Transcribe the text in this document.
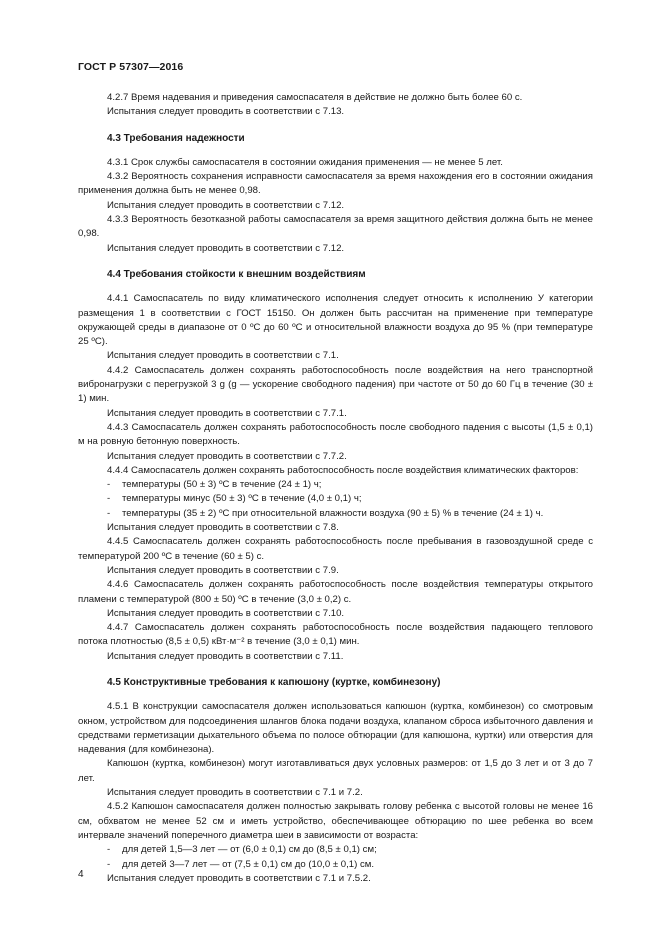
ГОСТ Р 57307—2016
4.2.7 Время надевания и приведения самоспасателя в действие не должно быть более 60 с.
Испытания следует проводить в соответствии с 7.13.
4.3 Требования надежности
4.3.1 Срок службы самоспасателя в состоянии ожидания применения — не менее 5 лет.
4.3.2 Вероятность сохранения исправности самоспасателя за время нахождения его в состоянии ожидания применения должна быть не менее 0,98.
Испытания следует проводить в соответствии с 7.12.
4.3.3 Вероятность безотказной работы самоспасателя за время защитного действия должна быть не менее 0,98.
Испытания следует проводить в соответствии с 7.12.
4.4 Требования стойкости к внешним воздействиям
4.4.1 Самоспасатель по виду климатического исполнения следует относить к исполнению У категории размещения 1 в соответствии с ГОСТ 15150. Он должен быть рассчитан на применение при температуре окружающей среды в диапазоне от 0 ºС до 60 ºС и относительной влажности воздуха до 95 % (при температуре 25 ºС).
Испытания следует проводить в соответствии с 7.1.
4.4.2 Самоспасатель должен сохранять работоспособность после воздействия на него транспортной вибронагрузки с перегрузкой 3 g (g — ускорение свободного падения) при частоте от 50 до 60 Гц в течение (30 ± 1) мин.
Испытания следует проводить в соответствии с 7.7.1.
4.4.3 Самоспасатель должен сохранять работоспособность после свободного падения с высоты (1,5 ± 0,1) м на ровную бетонную поверхность.
Испытания следует проводить в соответствии с 7.7.2.
4.4.4 Самоспасатель должен сохранять работоспособность после воздействия климатических факторов:
- температуры (50 ± 3) ºС в течение (24 ± 1) ч;
- температуры минус (50 ± 3) ºС в течение (4,0 ± 0,1) ч;
- температуры (35 ± 2) ºС при относительной влажности воздуха (90 ± 5) % в течение (24 ± 1) ч.
Испытания следует проводить в соответствии с 7.8.
4.4.5 Самоспасатель должен сохранять работоспособность после пребывания в газовоздушной среде с температурой 200 ºС в течение (60 ± 5) с.
Испытания следует проводить в соответствии с 7.9.
4.4.6 Самоспасатель должен сохранять работоспособность после воздействия температуры открытого пламени с температурой (800 ± 50) ºС в течение (3,0 ± 0,2) с.
Испытания следует проводить в соответствии с 7.10.
4.4.7 Самоспасатель должен сохранять работоспособность после воздействия падающего теплового потока плотностью (8,5 ± 0,5) кВт·м⁻² в течение (3,0 ± 0,1) мин.
Испытания следует проводить в соответствии с 7.11.
4.5 Конструктивные требования к капюшону (куртке, комбинезону)
4.5.1 В конструкции самоспасателя должен использоваться капюшон (куртка, комбинезон) со смотровым окном, устройством для подсоединения шлангов блока подачи воздуха, клапаном сброса избыточного давления и средствами герметизации дыхательного объема по полосе обтюрации (для капюшона, куртки) или отверстия для надевания (для комбинезона).
Капюшон (куртка, комбинезон) могут изготавливаться двух условных размеров: от 1,5 до 3 лет и от 3 до 7 лет.
Испытания следует проводить в соответствии с 7.1 и 7.2.
4.5.2 Капюшон самоспасателя должен полностью закрывать голову ребенка с высотой головы не менее 16 см, обхватом не менее 52 см и иметь устройство, обеспечивающее обтюрацию по шее ребенка во всем интервале значений поперечного диаметра шеи в зависимости от возраста:
- для детей 1,5—3 лет — от (6,0 ± 0,1) см до (8,5 ± 0,1) см;
- для детей 3—7 лет — от (7,5 ± 0,1) см до (10,0 ± 0,1) см.
Испытания следует проводить в соответствии с 7.1 и 7.5.2.
4
